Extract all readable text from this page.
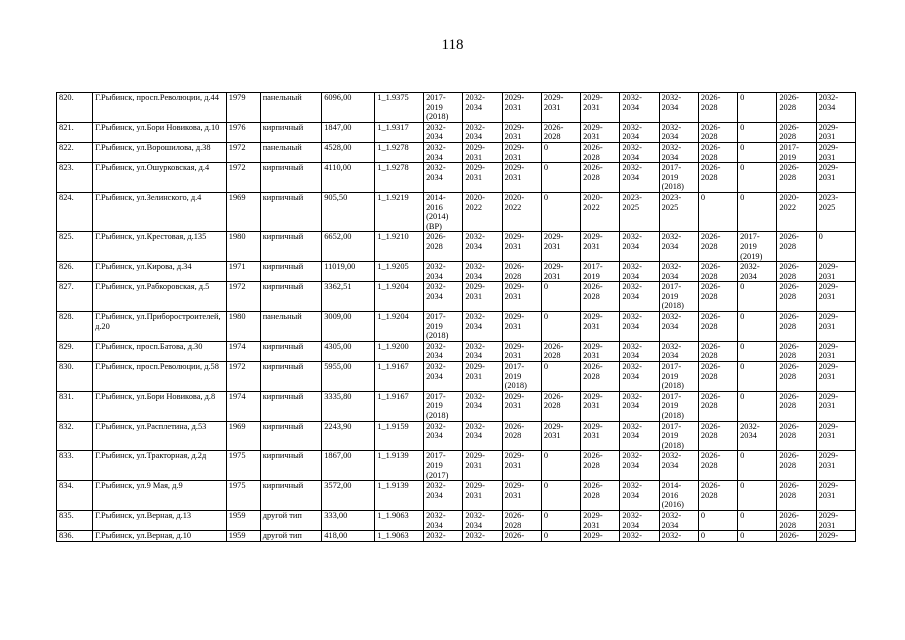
118
820.	Г.Рыбинск, просп.Революции, д.44	1979	панельный	6096,00	1_1.9375	2017-2019 (2018)	2032-2034	2029-2031	2029-2031	2029-2031	2032-2034	2032-2034	2026-2028	0	2026-2028	2032-2034
821.	Г.Рыбинск, ул.Бори Новикова, д.10	1976	кирпичный	1847,00	1_1.9317	2032-2034	2032-2034	2029-2031	2026-2028	2029-2031	2032-2034	2032-2034	2026-2028	0	2026-2028	2029-2031
822.	Г.Рыбинск, ул.Ворошилова, д.38	1972	панельный	4528,00	1_1.9278	2032-2034	2029-2031	2029-2031	0	2026-2028	2032-2034	2032-2034	2026-2028	0	2017-2019	2029-2031
823.	Г.Рыбинск, ул.Ошурковская, д.4	1972	кирпичный	4110,00	1_1.9278	2032-2034	2029-2031	2029-2031	0	2026-2028	2032-2034	2017-2019 (2018)	2026-2028	0	2026-2028	2029-2031
824.	Г.Рыбинск, ул.Зелинского, д.4	1969	кирпичный	905,50	1_1.9219	2014-2016 (2014) (ВР)	2020-2022	2020-2022	0	2020-2022	2023-2025	2023-2025	0	0	2020-2022	2023-2025
825.	Г.Рыбинск, ул.Крестовая, д.135	1980	кирпичный	6652,00	1_1.9210	2026-2028	2032-2034	2029-2031	2029-2031	2029-2031	2032-2034	2032-2034	2026-2028	2017-2019 (2019)	2026-2028	0
826.	Г.Рыбинск, ул.Кирова, д.34	1971	кирпичный	11019,00	1_1.9205	2032-2034	2032-2034	2026-2028	2029-2031	2017-2019	2032-2034	2032-2034	2026-2028	2032-2034	2026-2028	2029-2031
827.	Г.Рыбинск, ул.Рабкоровская, д.5	1972	кирпичный	3362,51	1_1.9204	2032-2034	2029-2031	2029-2031	0	2026-2028	2032-2034	2017-2019 (2018)	2026-2028	0	2026-2028	2029-2031
828.	Г.Рыбинск, ул.Приборостроителей, д.20	1980	панельный	3009,00	1_1.9204	2017-2019 (2018)	2032-2034	2029-2031	0	2029-2031	2032-2034	2032-2034	2026-2028	0	2026-2028	2029-2031
829.	Г.Рыбинск, просп.Батова, д.30	1974	кирпичный	4305,00	1_1.9200	2032-2034	2032-2034	2029-2031	2026-2028	2029-2031	2032-2034	2032-2034	2026-2028	0	2026-2028	2029-2031
830.	Г.Рыбинск, просп.Революции, д.58	1972	кирпичный	5955,00	1_1.9167	2032-2034	2029-2031	2017-2019 (2018)	0	2026-2028	2032-2034	2017-2019 (2018)	2026-2028	0	2026-2028	2029-2031
831.	Г.Рыбинск, ул.Бори Новикова, д.8	1974	кирпичный	3335,80	1_1.9167	2017-2019 (2018)	2032-2034	2029-2031	2026-2028	2029-2031	2032-2034	2017-2019 (2018)	2026-2028	0	2026-2028	2029-2031
832.	Г.Рыбинск, ул.Расплетина, д.53	1969	кирпичный	2243,90	1_1.9159	2032-2034	2032-2034	2026-2028	2029-2031	2029-2031	2032-2034	2017-2019 (2018)	2026-2028	2032-2034	2026-2028	2029-2031
833.	Г.Рыбинск, ул.Тракторная, д.2д	1975	кирпичный	1867,00	1_1.9139	2017-2019 (2017)	2029-2031	2029-2031	0	2026-2028	2032-2034	2032-2034	2026-2028	0	2026-2028	2029-2031
834.	Г.Рыбинск, ул.9 Мая, д.9	1975	кирпичный	3572,00	1_1.9139	2032-2034	2029-2031	2029-2031	0	2026-2028	2032-2034	2014-2016 (2016)	2026-2028	0	2026-2028	2029-2031
835.	Г.Рыбинск, ул.Верная, д.13	1959	другой тип	333,00	1_1.9063	2032-2034	2032-2034	2026-2028	0	2029-2031	2032-2034	2032-2034	0	0	2026-2028	2029-2031
836.	Г.Рыбинск, ул.Верная, д.10	1959	другой тип	418,00	1_1.9063	2032-	2032-	2026-	0	2029-	2032-	2032-	0	0	2026-	2029-
